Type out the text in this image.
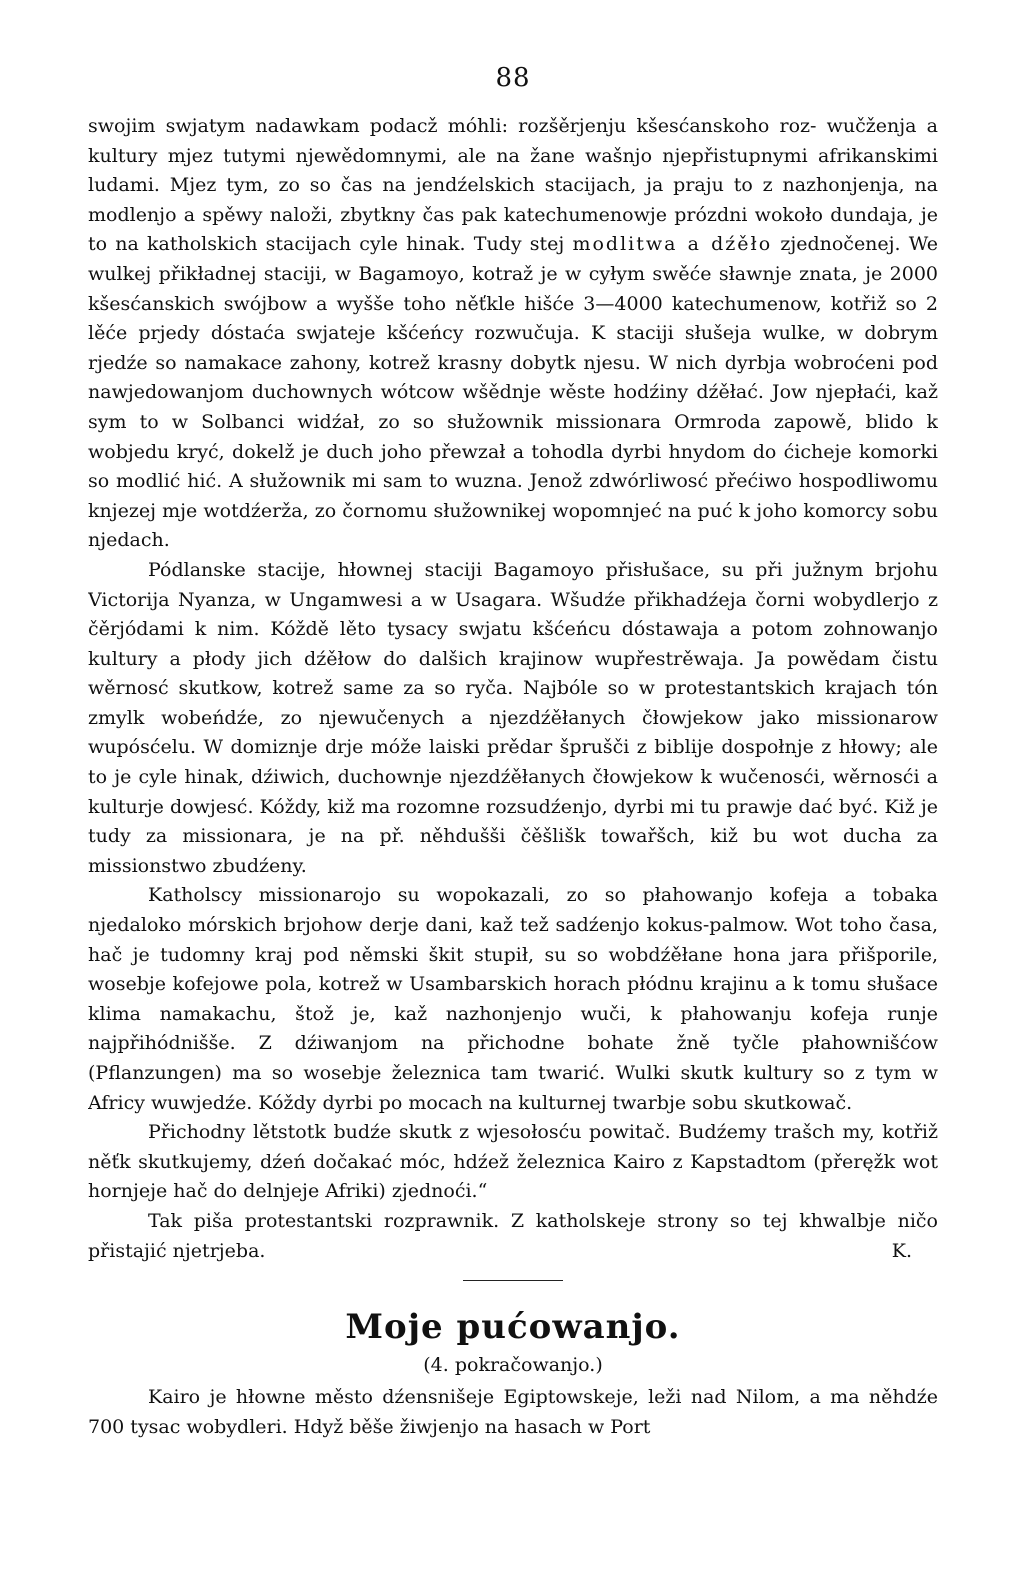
88

swojim swjatym nadawkam podacž móhli: rozšěrjenju kšesćanskoho roz- wučženja a kultury mjez tutymi njewědomnymi, ale na žane wašnjo njepřistupnymi afrikanskimi ludami. Mjez tym, zo so čas na jendźelskich stacijach, ja praju to z nazhonjenja, na modlenjo a spěwy naloži, zbytkny čas pak katechumenowje prózdni wokoło dundaja, je to na katholskich stacijach cyle hinak. Tudy stej modlitwa a dźěło zjednočenej. We wulkej přikładnej staciji, w Bagamoyo, kotraž je w cyłym swěće sławnje znata, je 2000 kšesćanskich swójbow a wyšše toho něťkle hišće 3—4000 katechumenow, kotřiž so 2 lěće prjedy dóstaća swjateje kšćeńcy rozwučuja. K staciji słušeja wulke, w dobrym rjedźe so namakace zahony, kotrež krasny dobytk njesu. W nich dyrbja wobroćeni pod nawjedowanjom duchownych wótcow wšědnje wěste hodźiny dźěłać. Jow njepłaći, kaž sym to w Solbanci widźał, zo so słužownik missionara Ormroda zapowě, blido k wobjedu kryć, dokelž je duch joho přewzał a tohodla dyrbi hnydom do ćicheje komorki so modlić hić. A słužownik mi sam to wuzna. Jenož zdwórliwosć přećiwo hospodliwomu knjezej mje wotdźerža, zo čornomu słužownikej wopomnjeć na puć k joho komorcy sobu njedach.

Pódlanske stacije, hłownej staciji Bagamoyo přisłušace, su při južnym brjohu Victorija Nyanza, w Ungamwesi a w Usagara. Wšudźe přikhadźeja čorni wobydlerjo z čěrjódami k nim. Kóždě lěto tysacy swjatu kšćeńcu dóstawaja a potom zohnowanjo kultury a płody jich dźěłow do dalšich krajinow wupřestrěwaja. Ja powědam čistu wěrnosć skutkow, kotrež same za so ryča. Najbóle so w protestantskich krajach tón zmylk wobeńdźe, zo njewučenych a njezdźěłanych čłowjekow jako missionarow wupósćelu. W domiznje drje móže laiski prědar šprušči z biblije dospołnje z hłowy; ale to je cyle hinak, dźiwich, duchownje njezdźěłanych čłowjekow k wučenosći, wěrnosći a kulturje dowjesć. Kóždy, kiž ma rozomne rozsudźenjo, dyrbi mi tu prawje dać być. Kiž je tudy za missionara, je na př. něhdušši čěšlišk towařšch, kiž bu wot ducha za missionstwo zbudźeny.

Katholscy missionarojo su wopokazali, zo so płahowanjo kofeja a tobaka njedaloko mórskich brjohow derje dani, kaž tež sadźenjo kokus-palmow. Wot toho časa, hač je tudomny kraj pod němski škit stupił, su so wobdźěłane hona jara přišporile, wosebje kofejowe pola, kotrež w Usambarskich horach płódnu krajinu a k tomu słušace klima namakachu, štož je, kaž nazhonjenjo wuči, k płahowanju kofeja runje najpřihódnišše. Z dźiwanjom na přichodne bohate žně tyčle płahownišćow (Pflanzungen) ma so wosebje železnica tam twarić. Wulki skutk kultury so z tym w Africy wuwjedźe. Kóždy dyrbi po mocach na kulturnej twarbje sobu skutkowač.

Přichodny lětstotk budźe skutk z wjesołosću powitač. Budźemy trašch my, kotřiž něťk skutkujemy, dźeń dočakać móc, hdźež železnica Kairo z Kapstadtom (přeręžk wot hornjeje hač do delnjeje Afriki) zjednoći.“

Tak piša protestantski rozprawnik. Z katholskeje strony so tej khwalbje ničo přistajić njetrjeba.	K.

Moje pućowanjo.
(4. pokračowanjo.)

Kairo je hłowne město dźensnišeje Egiptowskeje, leži nad Nilom, a ma něhdźe 700 tysac wobydleri. Hdyž běše žiwjenjo na hasach w Port
